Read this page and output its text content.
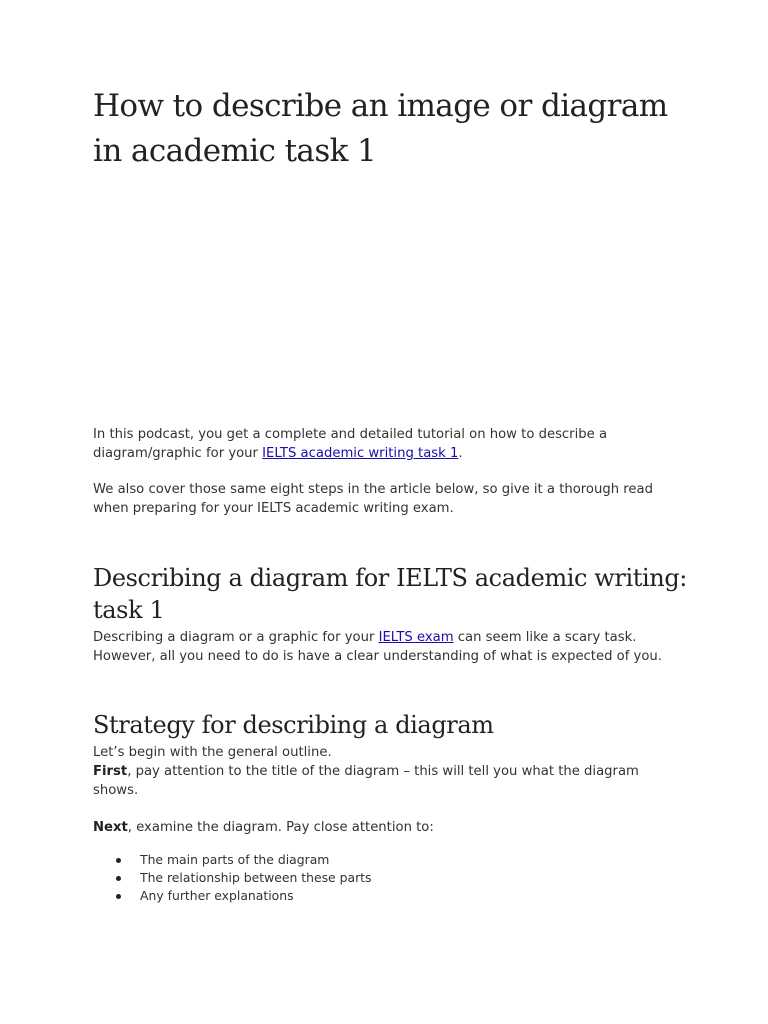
How to describe an image or diagram in academic task 1

In this podcast, you get a complete and detailed tutorial on how to describe a diagram/graphic for your IELTS academic writing task 1.

We also cover those same eight steps in the article below, so give it a thorough read when preparing for your IELTS academic writing exam.

Describing a diagram for IELTS academic writing: task 1

Describing a diagram or a graphic for your IELTS exam can seem like a scary task. However, all you need to do is have a clear understanding of what is expected of you.

Strategy for describing a diagram

Let’s begin with the general outline.

First, pay attention to the title of the diagram – this will tell you what the diagram shows.

Next, examine the diagram. Pay close attention to:

The main parts of the diagram
The relationship between these parts
Any further explanations
